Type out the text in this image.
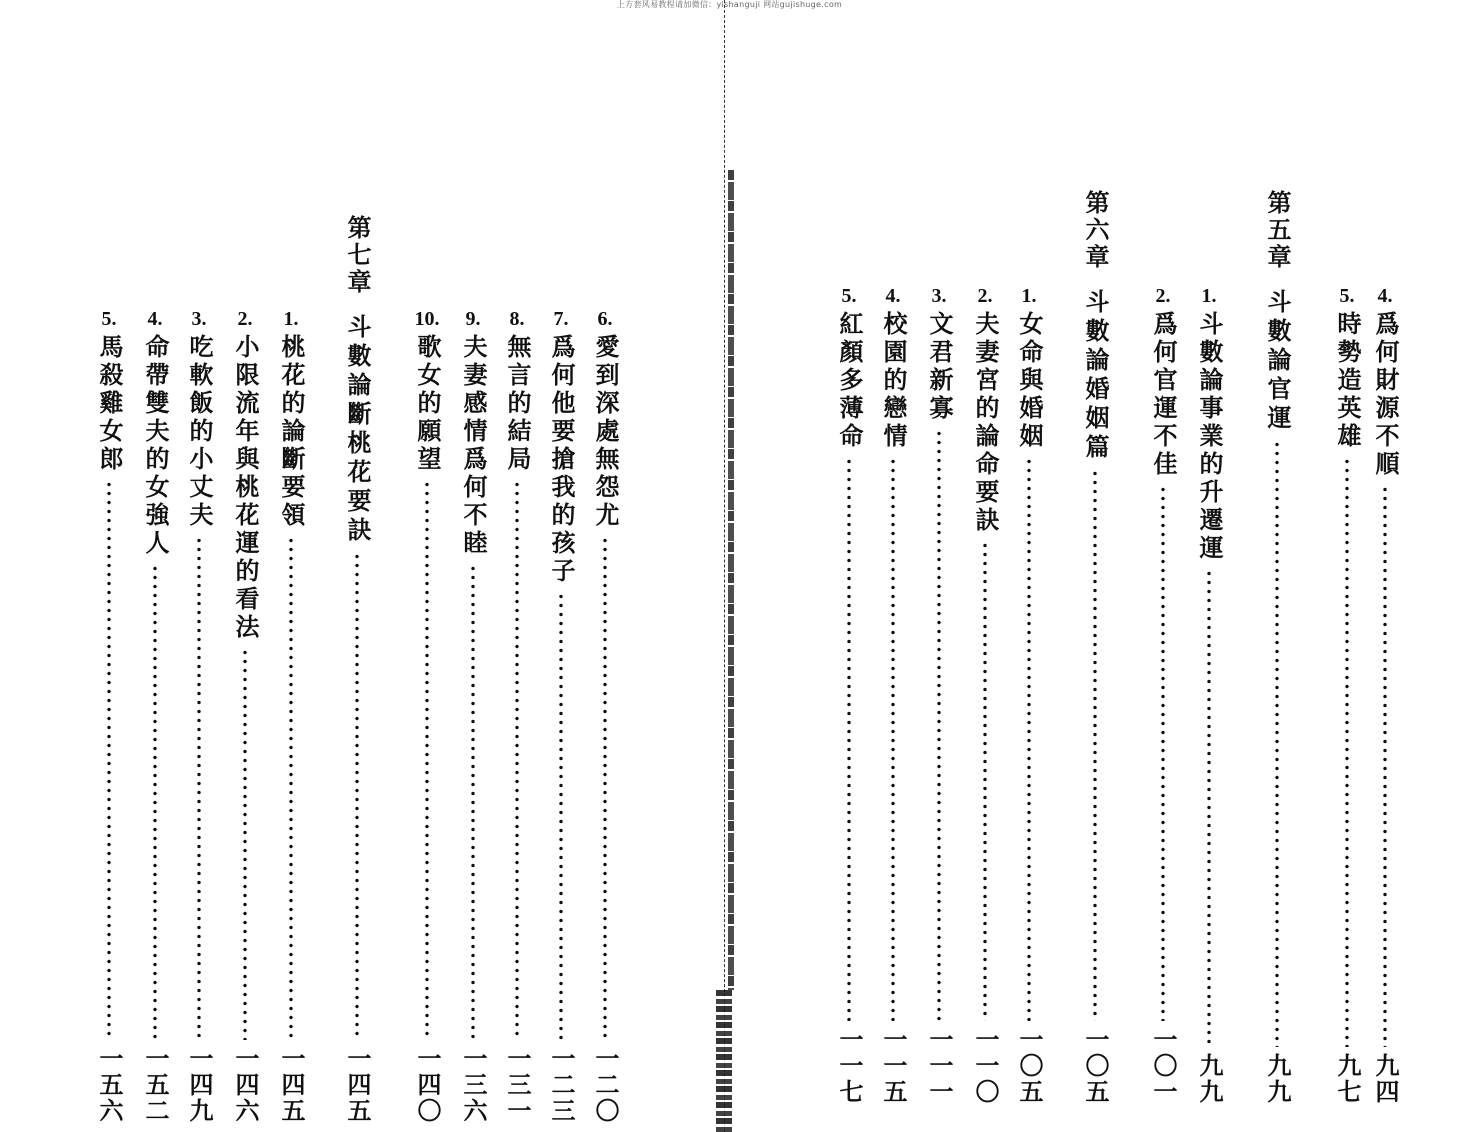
上方套风易教程请加微信：yishanguji 网站gujishuge.com
4.
爲何財源不順
九四
5.
時勢造英雄
九七
第五章
斗數論官運
九九
1.
斗數論事業的升遷運
九九
2.
爲何官運不佳
一〇一
第六章
斗數論婚姻篇
一〇五
1.
女命與婚姻
一〇五
2.
夫妻宮的論命要訣
一一〇
3.
文君新寡
一一一
4.
校園的戀情
一一五
5.
紅顏多薄命
一一七
6.
愛到深處無怨尤
一二〇
7.
爲何他要搶我的孩子
一二三
8.
無言的結局
一三一
9.
夫妻感情爲何不睦
一三六
10.
歌女的願望
一四〇
第七章
斗數論斷桃花要訣
一四五
1.
桃花的論斷要領
一四五
2.
小限流年與桃花運的看法
一四六
3.
吃軟飯的小丈夫
一四九
4.
命帶雙夫的女強人
一五二
5.
馬殺雞女郎
一五六
